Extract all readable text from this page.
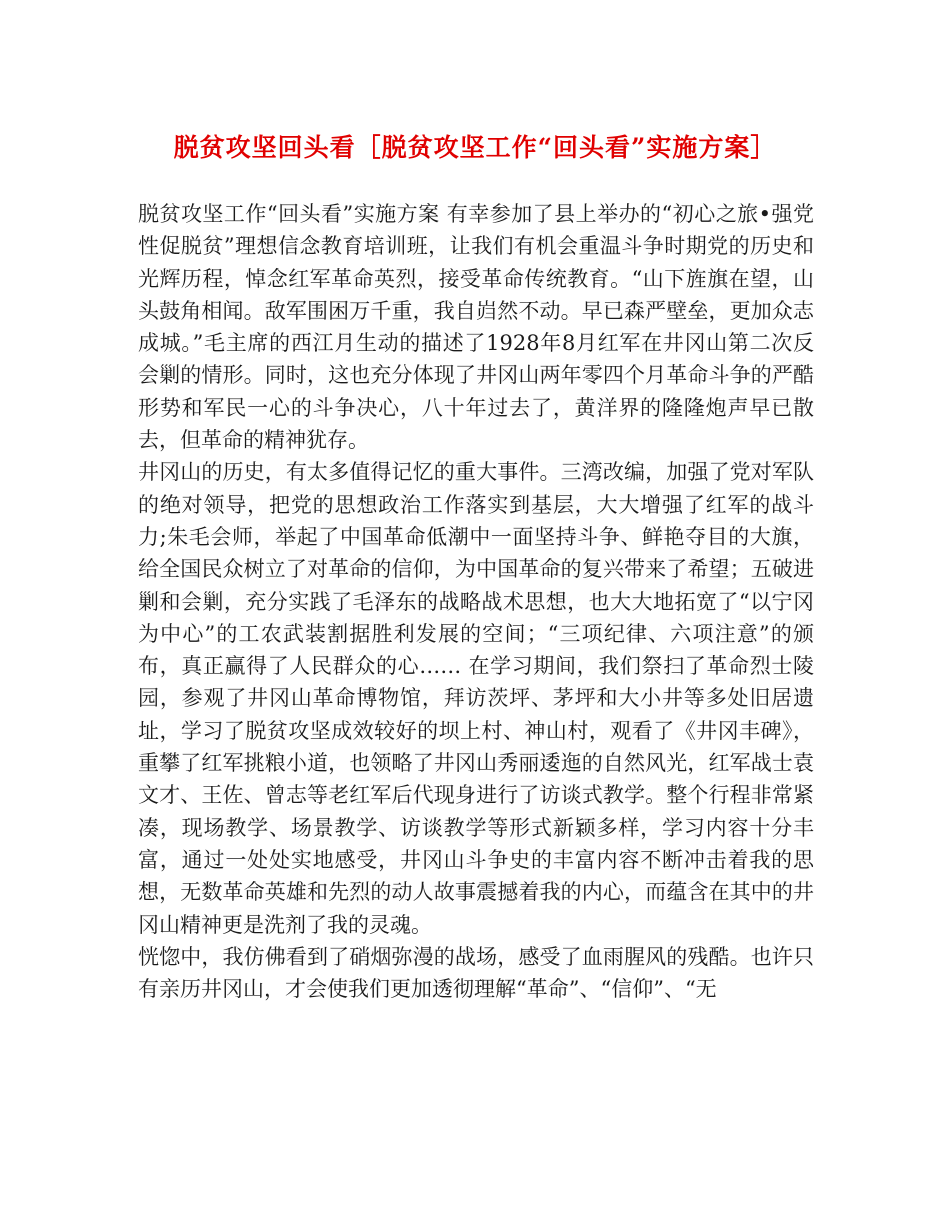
脱贫攻坚回头看［脱贫攻坚工作“回头看”实施方案］

脱贫攻坚工作“回头看”实施方案 有幸参加了县上举办的“初心之旅•强党性促脱贫”理想信念教育培训班，让我们有机会重温斗争时期党的历史和光辉历程，悼念红军革命英烈，接受革命传统教育。“山下旌旗在望，山头鼓角相闻。敌军围困万千重，我自岿然不动。早已森严壁垒，更加众志成城。”毛主席的西江月生动的描述了1928年8月红军在井冈山第二次反会剿的情形。同时，这也充分体现了井冈山两年零四个月革命斗争的严酷形势和军民一心的斗争决心，八十年过去了，黄洋界的隆隆炮声早已散去，但革命的精神犹存。

井冈山的历史，有太多值得记忆的重大事件。三湾改编，加强了党对军队的绝对领导，把党的思想政治工作落实到基层，大大增强了红军的战斗力;朱毛会师，举起了中国革命低潮中一面坚持斗争、鲜艳夺目的大旗，给全国民众树立了对革命的信仰，为中国革命的复兴带来了希望；五破进剿和会剿，充分实践了毛泽东的战略战术思想，也大大地拓宽了“以宁冈为中心”的工农武装割据胜利发展的空间；“三项纪律、六项注意”的颁布，真正赢得了人民群众的心…… 在学习期间，我们祭扫了革命烈士陵园，参观了井冈山革命博物馆，拜访茨坪、茅坪和大小井等多处旧居遗址，学习了脱贫攻坚成效较好的坝上村、神山村，观看了《井冈丰碑》，重攀了红军挑粮小道，也领略了井冈山秀丽逶迤的自然风光，红军战士袁文才、王佐、曾志等老红军后代现身进行了访谈式教学。整个行程非常紧凑，现场教学、场景教学、访谈教学等形式新颖多样，学习内容十分丰富，通过一处处实地感受，井冈山斗争史的丰富内容不断冲击着我的思想，无数革命英雄和先烈的动人故事震撼着我的内心，而蕴含在其中的井冈山精神更是洗剂了我的灵魂。

恍惚中，我仿佛看到了硝烟弥漫的战场，感受了血雨腥风的残酷。也许只有亲历井冈山，才会使我们更加透彻理解“革命”、“信仰”、“无
